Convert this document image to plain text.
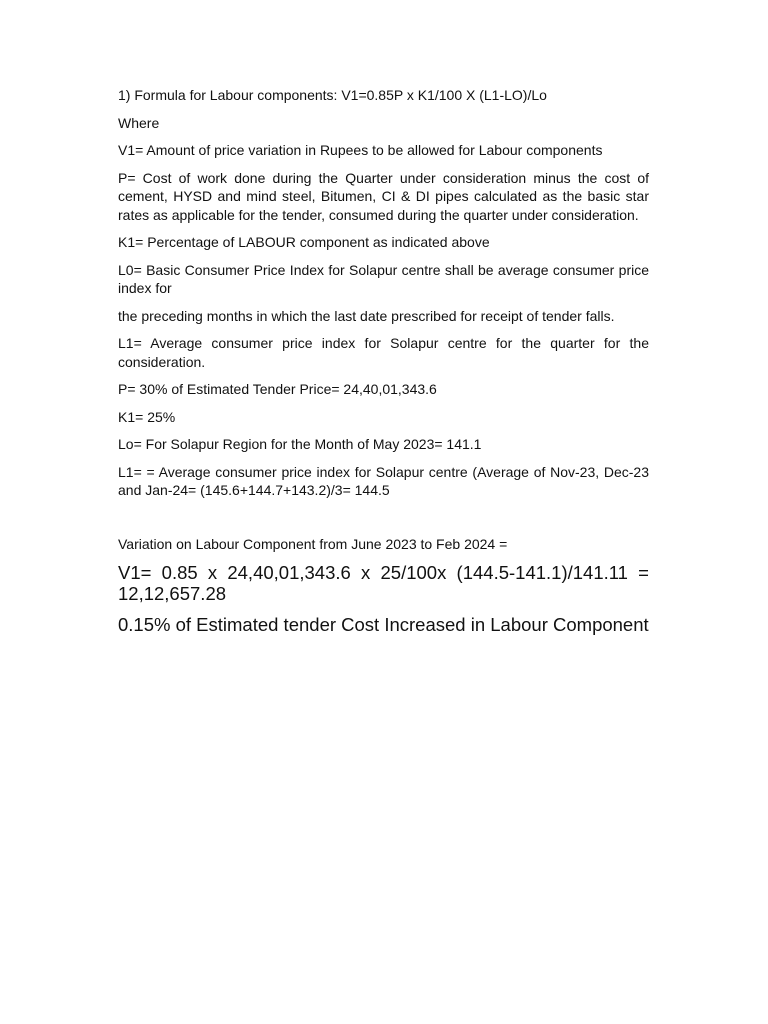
1) Formula for Labour components: V1=0.85P x K1/100 X (L1-LO)/Lo

Where

V1= Amount of price variation in Rupees to be allowed for Labour components

P= Cost of work done during the Quarter under consideration minus the cost of cement, HYSD and mind steel, Bitumen, CI & DI pipes calculated as the basic star rates as applicable for the tender, consumed during the quarter under consideration.

K1= Percentage of LABOUR component as indicated above

L0= Basic Consumer Price Index for Solapur centre shall be average consumer price index for

the preceding months in which the last date prescribed for receipt of tender falls.

L1= Average consumer price index for Solapur centre for the quarter for the consideration.

P= 30% of Estimated Tender Price= 24,40,01,343.6

K1= 25%

Lo= For Solapur Region for the Month of May 2023= 141.1

L1= = Average consumer price index for Solapur centre (Average of Nov-23, Dec-23 and Jan-24= (145.6+144.7+143.2)/3= 144.5

Variation on Labour Component from June 2023 to Feb 2024 =

V1= 0.85 x 24,40,01,343.6 x 25/100x (144.5-141.1)/141.11 = 12,12,657.28

0.15% of Estimated tender Cost Increased in Labour Component
